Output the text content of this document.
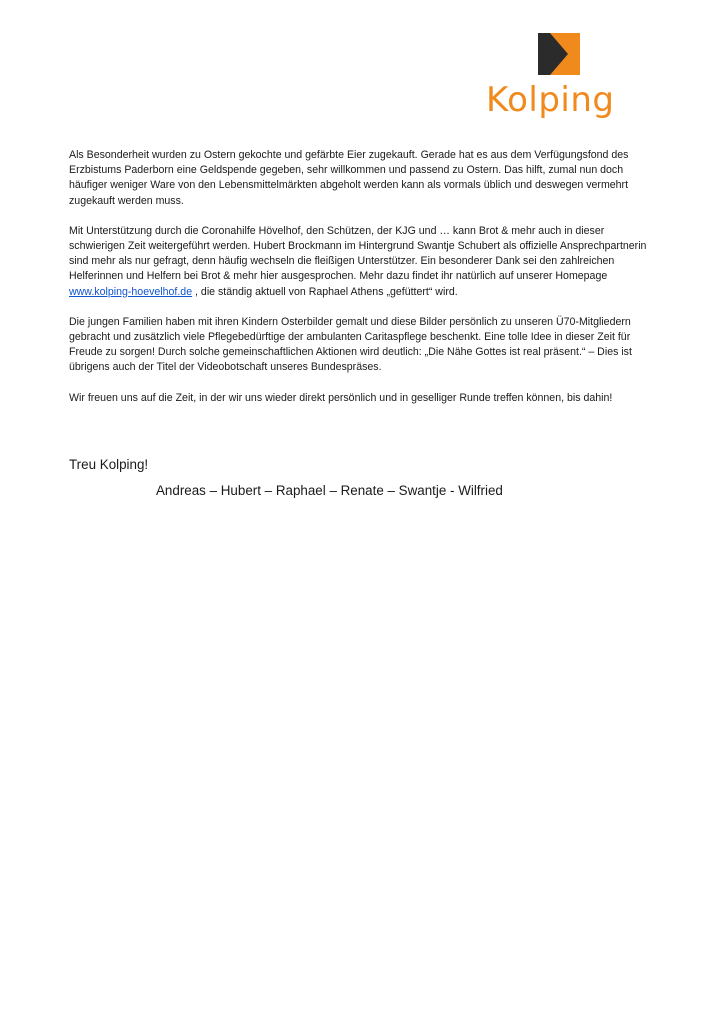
Kolping

Als Besonderheit wurden zu Ostern gekochte und gefärbte Eier zugekauft. Gerade hat es aus dem Verfügungsfond des Erzbistums Paderborn eine Geldspende gegeben, sehr willkommen und passend zu Ostern. Das hilft, zumal nun doch häufiger weniger Ware von den Lebensmittelmärkten abgeholt werden kann als vormals üblich und deswegen vermehrt zugekauft werden muss.

Mit Unterstützung durch die Coronahilfe Hövelhof, den Schützen, der KJG und … kann Brot & mehr auch in dieser schwierigen Zeit weitergeführt werden. Hubert Brockmann im Hintergrund Swantje Schubert als offizielle Ansprechpartnerin sind mehr als nur gefragt, denn häufig wechseln die fleißigen Unterstützer. Ein besonderer Dank sei den zahlreichen Helferinnen und Helfern bei Brot & mehr hier ausgesprochen. Mehr dazu findet ihr natürlich auf unserer Homepage www.kolping-hoevelhof.de , die ständig aktuell von Raphael Athens „gefüttert“ wird.

Die jungen Familien haben mit ihren Kindern Osterbilder gemalt und diese Bilder persönlich zu unseren Ü70-Mitgliedern gebracht und zusätzlich viele Pflegebedürftige der ambulanten Caritaspflege beschenkt. Eine tolle Idee in dieser Zeit für Freude zu sorgen! Durch solche gemeinschaftlichen Aktionen wird deutlich: „Die Nähe Gottes ist real präsent.“ – Dies ist übrigens auch der Titel der Videobotschaft unseres Bundespräses.

Wir freuen uns auf die Zeit, in der wir uns wieder direkt persönlich und in geselliger Runde treffen können, bis dahin!

Treu Kolping!
Andreas – Hubert – Raphael – Renate – Swantje - Wilfried
